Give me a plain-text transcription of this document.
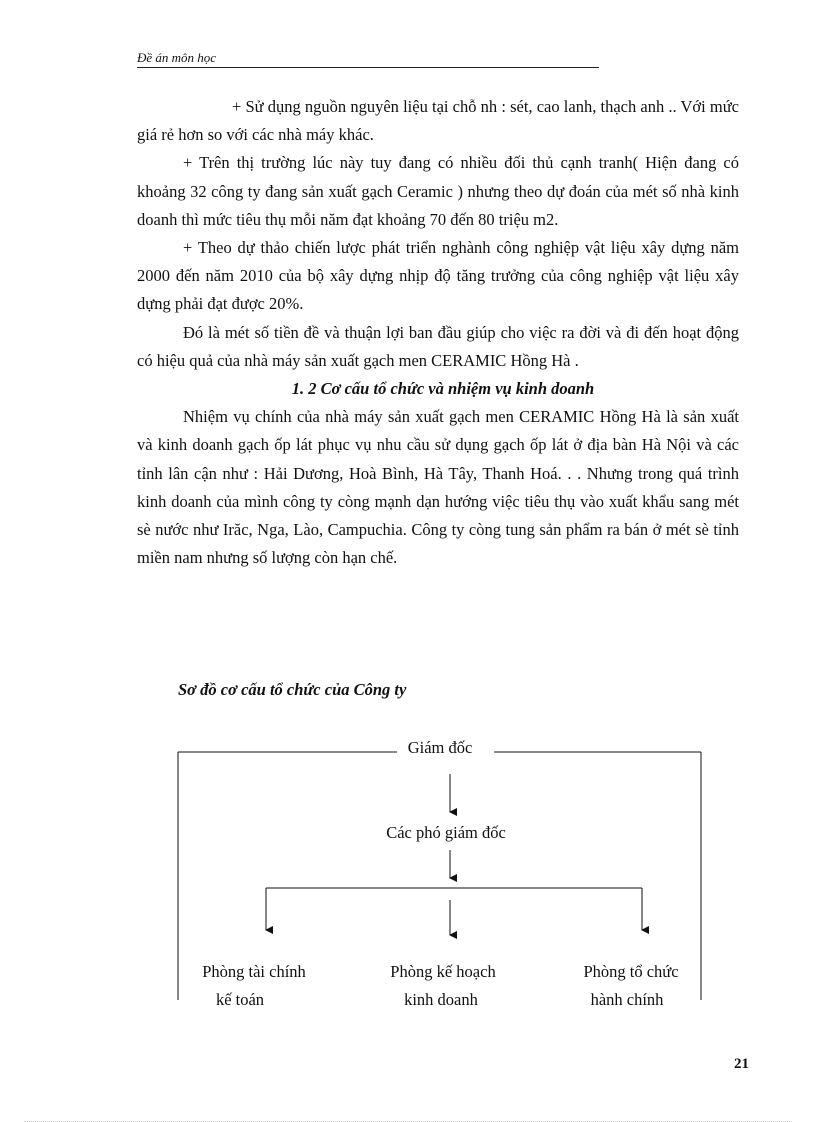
Đề án môn học

+ Sử dụng nguồn nguyên liệu tại chỗ nh : sét, cao lanh, thạch anh .. Với mức giá rẻ hơn so với các nhà máy khác.

+ Trên thị trường lúc này tuy đang có nhiều đối thủ cạnh tranh( Hiện đang có khoảng 32 công ty đang sản xuất gạch Ceramic ) nhưng theo dự đoán của mét số nhà kinh doanh thì mức tiêu thụ mỗi năm đạt khoảng 70 đến 80 triệu m2.

+ Theo dự thảo chiến lược phát triển nghành công nghiệp vật liệu xây dựng năm 2000 đến năm 2010 của bộ xây dựng nhịp độ tăng trưởng của công nghiệp vật liệu xây dựng phải đạt được 20%.

Đó là mét số tiền đề và thuận lợi ban đầu giúp cho việc ra đời và đi đến hoạt động có hiệu quả của nhà máy sản xuất gạch men CERAMIC Hồng Hà .

1. 2 Cơ cấu tổ chức và nhiệm vụ kinh doanh

Nhiệm vụ chính của nhà máy sản xuất gạch men CERAMIC Hồng Hà là sản xuất và kinh doanh gạch ốp lát phục vụ nhu cầu sử dụng gạch ốp lát ở địa bàn Hà Nội và các tỉnh lân cận như : Hải Dương, Hoà Bình, Hà Tây, Thanh Hoá. . . Nhưng trong quá trình kinh doanh của mình công ty còng mạnh dạn hướng việc tiêu thụ vào xuất khẩu sang mét sè nước như Irăc, Nga, Lào, Campuchia. Công ty còng tung sản phẩm ra bán ở mét sè tỉnh miền nam nhưng số lượng còn hạn chế.

Sơ đồ cơ cấu tổ chức của Công ty
Giám đốc
Các phó giám đốc
Phòng tài chính
kế toán
Phòng kế hoạch
kinh doanh
Phòng tổ chức
hành chính
21
